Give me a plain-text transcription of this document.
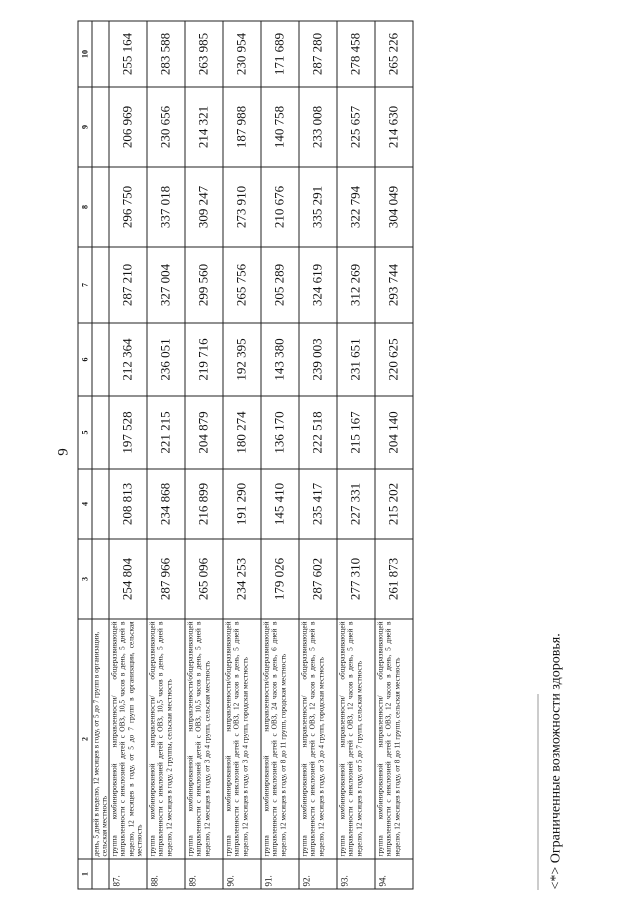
9
1	2	3	4	5	6	7	8	9	10
	день, 5 дней в неделю, 12 месяцев в году, от 5 до 7 групп в организации, сельская местность								
87.	группа комбинированной направленности/ общеразвивающей направленности с инклюзией детей с ОВЗ, 10,5 часов в день, 5 дней в неделю, 12 месяцев в году, от 5 до 7 групп в организации, сельская местность	254 804	208 813	197 528	212 364	287 210	296 750	206 969	255 164
88.	группа комбинированной направленности/ общеразвивающей направленности с инклюзией детей с ОВЗ, 10,5 часов в день, 5 дней в неделю, 12 месяцев в году, 2 группы, сельская местность	287 966	234 868	221 215	236 051	327 004	337 018	230 656	283 588
89.	группа комбинированной направленности/общеразвивающей направленности с инклюзией детей с ОВЗ, 10,5 часов в день, 5 дней в неделю, 12 месяцев в году, от 3 до 4 групп, сельская местность	265 096	216 899	204 879	219 716	299 560	309 247	214 321	263 985
90.	группа комбинированной направленности/общеразвивающей направленности с инклюзией детей с ОВЗ, 12 часов в день, 5 дней в неделю, 12 месяцев в году, от 3 до 4 групп, городская местность	234 253	191 290	180 274	192 395	265 756	273 910	187 988	230 954
91.	группа комбинированной направленности/общеразвивающей направленности с инклюзией детей с ОВЗ, 24 часов в день, 6 дней в неделю, 12 месяцев в году, от 8 до 11 групп, городская местность	179 026	145 410	136 170	143 380	205 289	210 676	140 758	171 689
92.	группа комбинированной направленности/ общеразвивающей направленности с инклюзией детей с ОВЗ, 12 часов в день, 5 дней в неделю, 12 месяцев в году, от 3 до 4 групп, городская местность	287 602	235 417	222 518	239 003	324 619	335 291	233 008	287 280
93.	группа комбинированной направленности/ общеразвивающей направленности с инклюзией детей с ОВЗ, 12 часов в день, 5 дней в неделю, 12 месяцев в году, от 5 до 7 групп, сельская местность	277 310	227 331	215 167	231 651	312 269	322 794	225 657	278 458
94.	группа комбинированной направленности/ общеразвивающей направленности с инклюзией детей с ОВЗ, 12 часов в день, 5 дней в неделю, 12 месяцев в году, от 8 до 11 групп, сельская местность	261 873	215 202	204 140	220 625	293 744	304 049	214 630	265 226
<*> Ограниченные возможности здоровья.
